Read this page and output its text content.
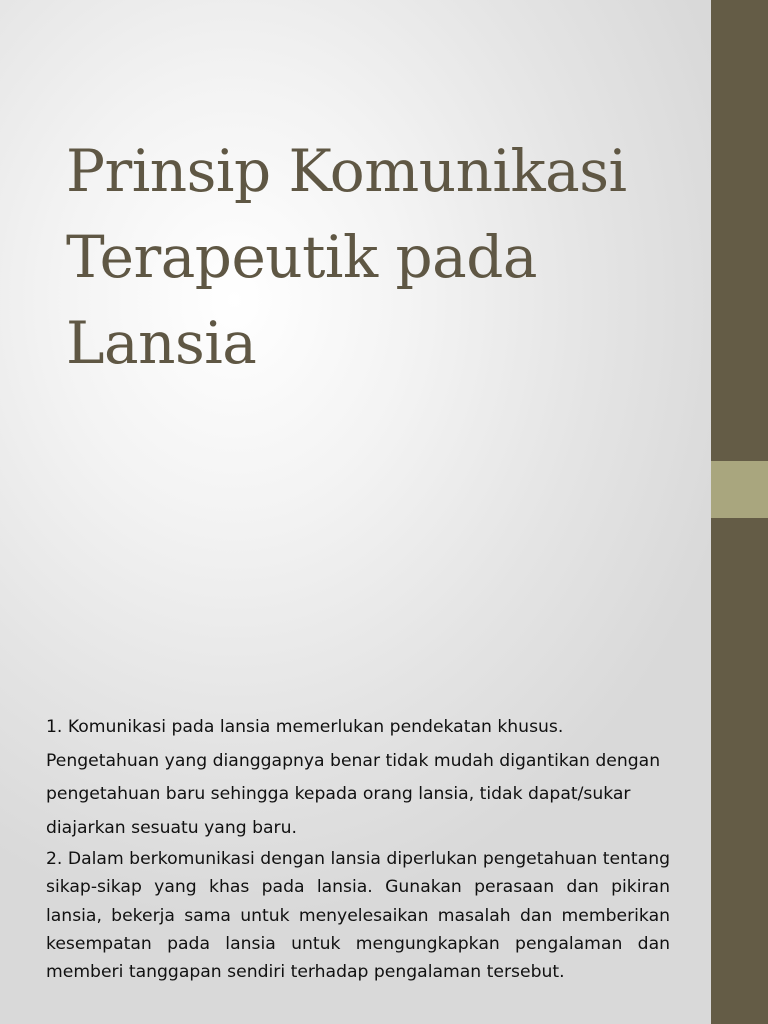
Prinsip Komunikasi Terapeutik pada Lansia

1. Komunikasi pada lansia memerlukan pendekatan khusus. Pengetahuan yang dianggapnya benar tidak mudah digantikan dengan pengetahuan baru sehingga kepada orang lansia, tidak dapat/sukar diajarkan sesuatu yang baru.

2. Dalam berkomunikasi dengan lansia diperlukan pengetahuan tentang sikap-sikap yang khas pada lansia. Gunakan perasaan dan pikiran lansia, bekerja sama untuk menyelesaikan masalah dan memberikan kesempatan pada lansia untuk mengungkapkan pengalaman dan memberi tanggapan sendiri terhadap pengalaman tersebut.
